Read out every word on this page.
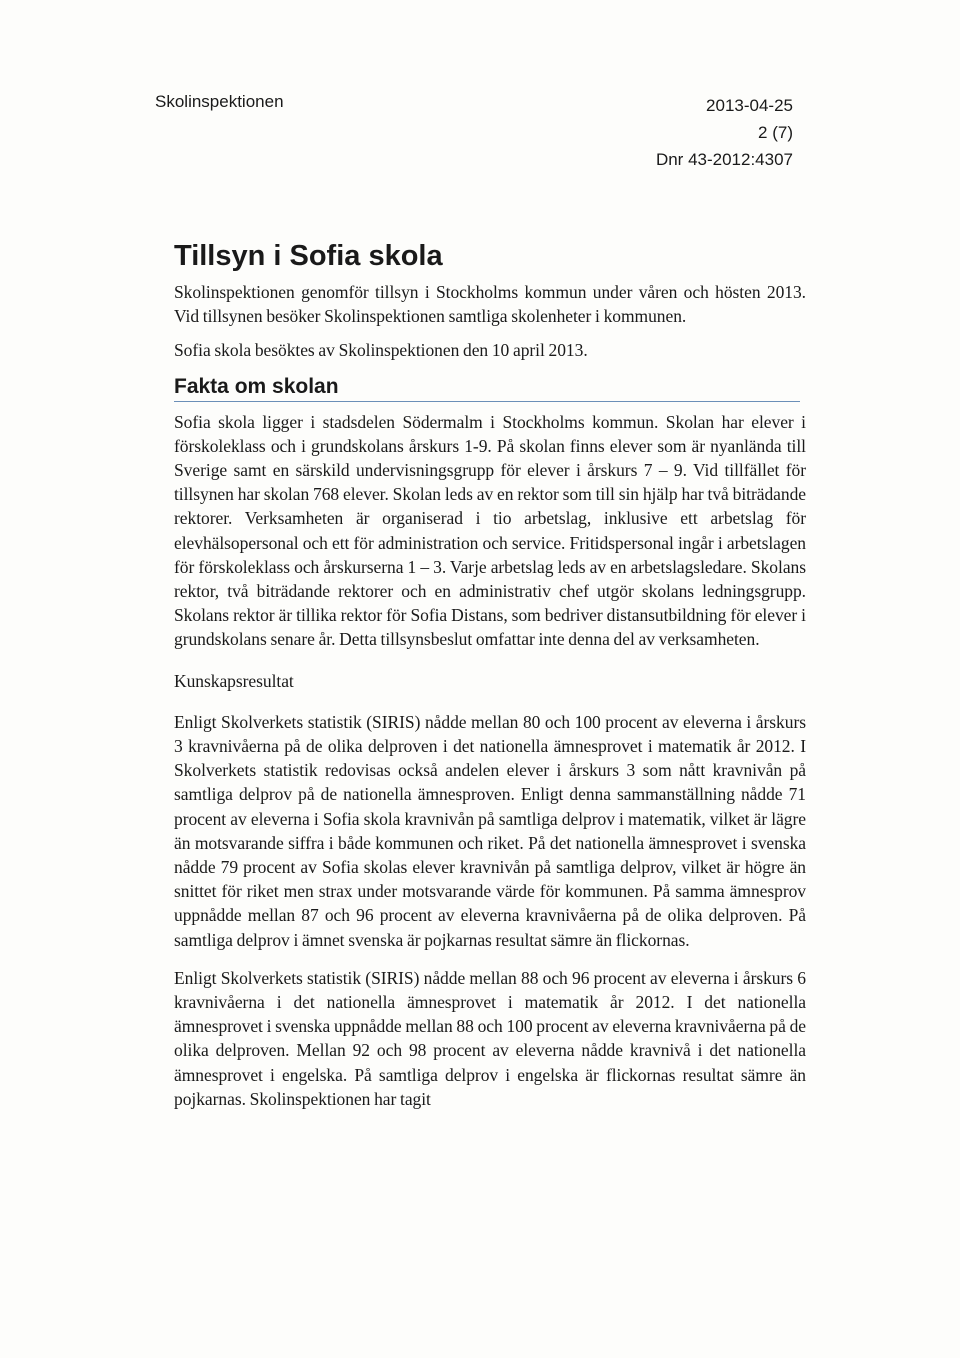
Skolinspektionen	2013-04-25
2 (7)
Dnr 43-2012:4307
Tillsyn i Sofia skola

Skolinspektionen genomför tillsyn i Stockholms kommun under våren och hösten 2013. Vid tillsynen besöker Skolinspektionen samtliga skolenheter i kommunen.

Sofia skola besöktes av Skolinspektionen den 10 april 2013.

Fakta om skolan

Sofia skola ligger i stadsdelen Södermalm i Stockholms kommun. Skolan har elever i förskoleklass och i grundskolans årskurs 1-9. På skolan finns elever som är nyanlända till Sverige samt en särskild undervisningsgrupp för elever i årskurs 7 – 9. Vid tillfället för tillsynen har skolan 768 elever. Skolan leds av en rektor som till sin hjälp har två biträdande rektorer. Verksamheten är organiserad i tio arbetslag, inklusive ett arbetslag för elevhälsopersonal och ett för administration och service. Fritidspersonal ingår i arbetslagen för förskoleklass och årskurserna 1 – 3. Varje arbetslag leds av en arbetslagsledare. Skolans rektor, två biträdande rektorer och en administrativ chef utgör skolans ledningsgrupp. Skolans rektor är tillika rektor för Sofia Distans, som bedriver distansutbildning för elever i grundskolans senare år. Detta tillsynsbeslut omfattar inte denna del av verksamheten.

Kunskapsresultat

Enligt Skolverkets statistik (SIRIS) nådde mellan 80 och 100 procent av eleverna i årskurs 3 kravnivåerna på de olika delproven i det nationella ämnesprovet i matematik år 2012. I Skolverkets statistik redovisas också andelen elever i årskurs 3 som nått kravnivån på samtliga delprov på de nationella ämnesproven. Enligt denna sammanställning nådde 71 procent av eleverna i Sofia skola kravnivån på samtliga delprov i matematik, vilket är lägre än motsvarande siffra i både kommunen och riket. På det nationella ämnesprovet i svenska nådde 79 procent av Sofia skolas elever kravnivån på samtliga delprov, vilket är högre än snittet för riket men strax under motsvarande värde för kommunen. På samma ämnesprov uppnådde mellan 87 och 96 procent av eleverna kravnivåerna på de olika delproven. På samtliga delprov i ämnet svenska är pojkarnas resultat sämre än flickornas.

Enligt Skolverkets statistik (SIRIS) nådde mellan 88 och 96 procent av eleverna i årskurs 6 kravnivåerna i det nationella ämnesprovet i matematik år 2012. I det nationella ämnesprovet i svenska uppnådde mellan 88 och 100 procent av eleverna kravnivåerna på de olika delproven. Mellan 92 och 98 procent av eleverna nådde kravnivå i det nationella ämnesprovet i engelska. På samtliga delprov i engelska är flickornas resultat sämre än pojkarnas. Skolinspektionen har tagit
